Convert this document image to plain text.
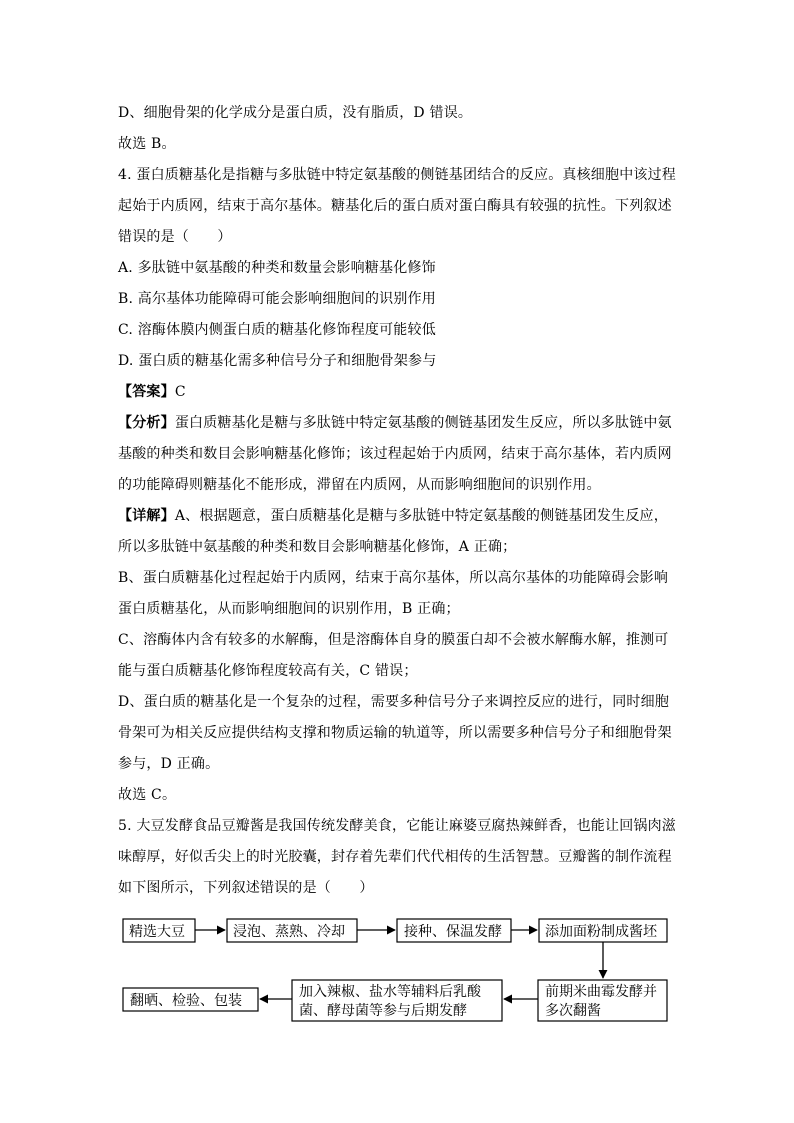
D、细胞骨架的化学成分是蛋白质，没有脂质，D 错误。
故选 B。
4. 蛋白质糖基化是指糖与多肽链中特定氨基酸的侧链基团结合的反应。真核细胞中该过程
起始于内质网，结束于高尔基体。糖基化后的蛋白质对蛋白酶具有较强的抗性。下列叙述
错误的是（　　）
A. 多肽链中氨基酸的种类和数量会影响糖基化修饰
B. 高尔基体功能障碍可能会影响细胞间的识别作用
C. 溶酶体膜内侧蛋白质的糖基化修饰程度可能较低
D. 蛋白质的糖基化需多种信号分子和细胞骨架参与
【答案】C
【分析】蛋白质糖基化是糖与多肽链中特定氨基酸的侧链基团发生反应，所以多肽链中氨
基酸的种类和数目会影响糖基化修饰；该过程起始于内质网，结束于高尔基体，若内质网
的功能障碍则糖基化不能形成，滞留在内质网，从而影响细胞间的识别作用。
【详解】A、根据题意，蛋白质糖基化是糖与多肽链中特定氨基酸的侧链基团发生反应，
所以多肽链中氨基酸的种类和数目会影响糖基化修饰，A 正确；
B、蛋白质糖基化过程起始于内质网，结束于高尔基体，所以高尔基体的功能障碍会影响
蛋白质糖基化，从而影响细胞间的识别作用，B 正确；
C、溶酶体内含有较多的水解酶，但是溶酶体自身的膜蛋白却不会被水解酶水解，推测可
能与蛋白质糖基化修饰程度较高有关，C 错误；
D、蛋白质的糖基化是一个复杂的过程，需要多种信号分子来调控反应的进行，同时细胞
骨架可为相关反应提供结构支撑和物质运输的轨道等，所以需要多种信号分子和细胞骨架
参与，D 正确。
故选 C。
5. 大豆发酵食品豆瓣酱是我国传统发酵美食，它能让麻婆豆腐热辣鲜香，也能让回锅肉滋
味醇厚，好似舌尖上的时光胶囊，封存着先辈们代代相传的生活智慧。豆瓣酱的制作流程
如下图所示，下列叙述错误的是（　　）
精选大豆	浸泡、蒸熟、冷却	接种、保温发酵	添加面粉制成酱坯
前期米曲霉发酵并
多次翻酱
加入辣椒、盐水等辅料后乳酸
菌、酵母菌等参与后期发酵
翻晒、检验、包装
